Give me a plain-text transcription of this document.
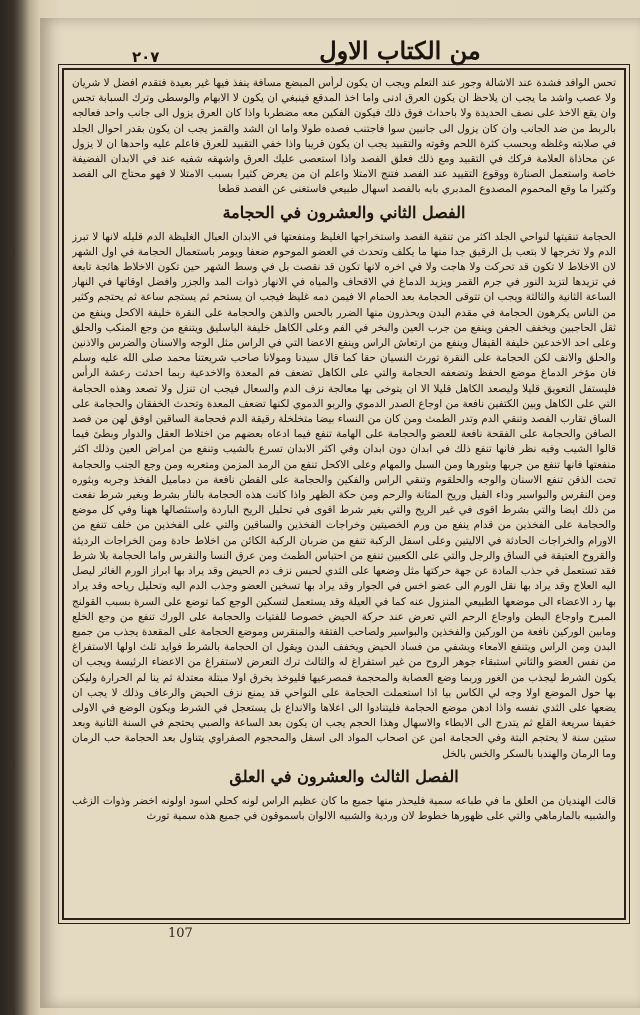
٢٠٧	من الكتاب الاول

تحس الوافد فشدة عند الاشالة وجور عند التعلم ويجب ان يكون لرأس المبضع مسافة ينفذ فيها غير بعيدة فتقدم افضل لا شريان ولا عصب واشد ما يجب ان يلاحظ ان يكون العرق ادنى واما اخذ المدقع فينبغي ان يكون لا الابهام والوسطى وترك السبابة تجس وان يقع الاخذ على نصف الحديدة ولا باحداث فوق ذلك فيكون الفكين معه مضطربا واذا كان العرق يزول الى جانب واحد فعالجه بالربط من ضد الجانب وان كان يزول الى جانبين سوا فاجتنب فصده طولا واما ان الشد والقمز يجب ان يكون بقدر احوال الجلد في صلابته وغلظه وبحسب كثرة اللحم وقوته والتقبيد يجب ان يكون قريبا واذا خفي التقبيد للعرق فاعلم عليه واحدها ان لا يزول عن محاذاة العلامة فركك في التقبيد ومع ذلك فعلق الفصد واذا استعصى عليك العرق واشهقه شفيه عند في الابدان الفضيفة خاصة واستعمل الصنارة ووقوع التقييد عند الفصد فتنج الامتلا واعلم ان من يعرض كثيرا بسبب الامتلا لا فهو محتاج الى الفصد وكثيرا ما وقع المحموم المصدوع المدبري بابه بالفصد اسهال طبيعي فاستغنى عن الفصد قطعا

الفصل الثاني والعشرون في الحجامة

الحجامة تنقيتها لنواحي الجلد اكثر من تنقية الفصد واستخراجها الغليظ ومنفعتها في الابدان العبال الغليظة الدم قليله لانها لا تبرز الدم ولا تخرجها لا بتعب بل الرقيق جدا منها ما يكلف وتحدث في العضو الموحوم ضعفا ويومر باستعمال الحجامة في اول الشهر لان الاخلاط لا تكون قد تحركت ولا هاجت ولا في اخره لانها تكون قد نقصت بل في وسط الشهر حين تكون الاخلاط هائجة تابعة في تزيدها لتزيد النور في جرم القمر ويزيد الدماغ في الاقحاف والمياه في الانهار ذوات المد والجزر وافضل اوقاتها في النهار الساعة الثانية والثالثة ويجب ان تتوقى الحجامة بعد الحمام الا فيمن دمه غليظ فيجب ان يستحم ثم يستجم ساعة ثم يحتجم وكثير من الناس يكرهون الحجامة في مقدم البدن ويحذرون منها الضرر بالحس والذهن والحجامة على النقرة خليفة الاكحل وينفع من ثقل الحاجبين ويخفف الجفن وينفع من جرب العين والبخر في الفم وعلى الكاهل خليفة الباسليق ويتنفع من وجع المنكب والحلق وعلى احد الاخدعين خليفة القيفال وينفع من ارتعاش الراس وينفع الاعضا التي في الراس مثل الوجه والاسنان والضرس والاذنين والحلق والانف لكن الحجامة على النقرة تورث النسيان حقا كما قال سيدنا ومولانا صاحب شريعتنا محمد صلى الله عليه وسلم فان مؤخر الدماغ موضع الحفظ وتضعفه الحجامة والتي على الكاهل تضعف فم المعدة والاخدعية ربما احدثت رعشة الرأس فليستفل التعويق قليلا وليصعد الكاهل قليلا الا ان يتوخى بها معالجة نزف الدم والسعال فيجب ان تنزل ولا تصعد وهذه الحجامة التي على الكاهل وبين الكتفين نافعة من اوجاع الصدر الدموي والربو الدموي لكنها تضعف المعدة وتحدث الخفقان والحجامة على الساق تقارب الفصد وتنقي الدم وتدر الطمث ومن كان من النساء بيضا متخلخلة رقيقة الدم فحجامة الساقين اوفق لهن من فصد الصافن والحجامة على الفقحة نافعة للعضو والحجامة على الهامة تنفع فيما ادعاه بعضهم من اختلاط العقل والدوار وبطئ فيما قالوا الشيب وفيه نظر فانها تنفع ذلك في ابدان دون ابدان وفي اكثر الابدان تسرع بالشيب وتنفع من امراض العين وذلك اكثر منفعتها فانها تنفع من جربها وبثورها ومن السبل والمهام وعلى الاكحل تنفع من الرمد المزمن ومتعربه ومن وجع الجنب والحجامة تحت الذقن تنفع الاسنان والوجه والحلقوم وتنقي الراس والفكين والحجامة على القطن نافعة من دماميل الفخذ وجربه وبثوره ومن النقرس والبواسير وداء الفيل وريح المثانة والرحم ومن حكة الظهر واذا كانت هذه الحجامة بالنار بشرط وبغير شرط نفعت من ذلك ايضا والتي بشرط اقوى في غير الريح والتي بغير شرط اقوى في تحليل الريح الباردة واستئصالها ههنا وفي كل موضع والحجامة على الفخذين من قدام ينفع من ورم الخصيتين وخراجات الفخذين والساقين والتي على الفخذين من خلف تنفع من الاورام والخراجات الحادثة في الاليتين وعلى اسفل الركبة تنفع من ضربان الركبة الكائن من اخلاط حادة ومن الخراجات الرديئة والقروح العتيقة في الساق والرجل والتي على الكعبين تنفع من احتباس الطمث ومن عرق النسا والنقرس واما الحجامة بلا شرط فقد تستعمل في جذب المادة عن جهة حركتها مثل وضعها على الثدي لحبس نزف دم الحيض وقد يراد بها ابراز الورم الغائر ليصل اليه العلاج وقد يراد بها نقل الورم الى عضو اخس في الجوار وقد يراد بها تسخين العضو وجذب الدم اليه وتحليل رياحه وقد يراد بها رد الاعضاء الى موضعها الطبيعي المنزول عنه كما في العيلة وقد يستعمل لتسكين الوجع كما توضع على السرة بسبب القولنج المبرح واوجاع البطن واوجاع الرحم التي تعرض عند حركة الحيض خصوصا للفتيات والحجامة على الورك تنفع من وجع الخلع ومابين الوركين نافعة من الوركين والفخذين والبواسير ولصاحب الفتقة والمنقرس وموضع الحجامة على المقعدة يجذب من جميع البدن ومن الراس ويتنفع الامعاء ويشفي من فساد الحيض ويخفف البدن ويقول ان الحجامة بالشرط فوايد ثلث اولها الاستفراغ من نفس العضو والثاني استبقاء جوهر الروح من غير استفراغ له والثالث ترك التعرض لاستفراغ من الاعضاء الرئيسة ويجب ان يكون الشرط ليجذب من الغور وربما وضع العصابة والمحجمة فمصرعيها فليوخذ بخرق اولا مبتلة معتدلة ثم ينا لم الحرارة وليكن بها حول الموضع اولا وجه لي الكاس بيا اذا استعملت الحجامة على النواحي قد يمنع نزف الحيض والرعاف وذلك لا يجب ان يضعها على الثدي نفسه واذا ادهن موضع الحجامة فليتنادوا الى اعلاها والانداع بل يستعجل في الشرط ويكون الوضع في الاولى خفيفا سريعة القلع ثم يتدرج الى الابطاء والاسهال وهذا الحجم يجب ان يكون بعد الساعة والصبي يحتجم في السنة الثانية وبعد ستين سنة لا يحتجم البتة وفي الحجامة امن عن اصحاب المواد الى اسفل والمحجوم الصفراوي يتناول بعد الحجامة حب الرمان وما الرمان والهندبا بالسكر والخس بالخل

الفصل الثالث والعشرون في العلق

قالت الهنديان من العلق ما في طباعه سمية فليحذر منها جميع ما كان عظيم الراس لونه كحلي اسود اولونه اخضر وذوات الزغب والشبيه بالمارماهي والتي على ظهورها خطوط لان وردية والشبيه الالوان باسموقون في جميع هذه سمية تورث

107
